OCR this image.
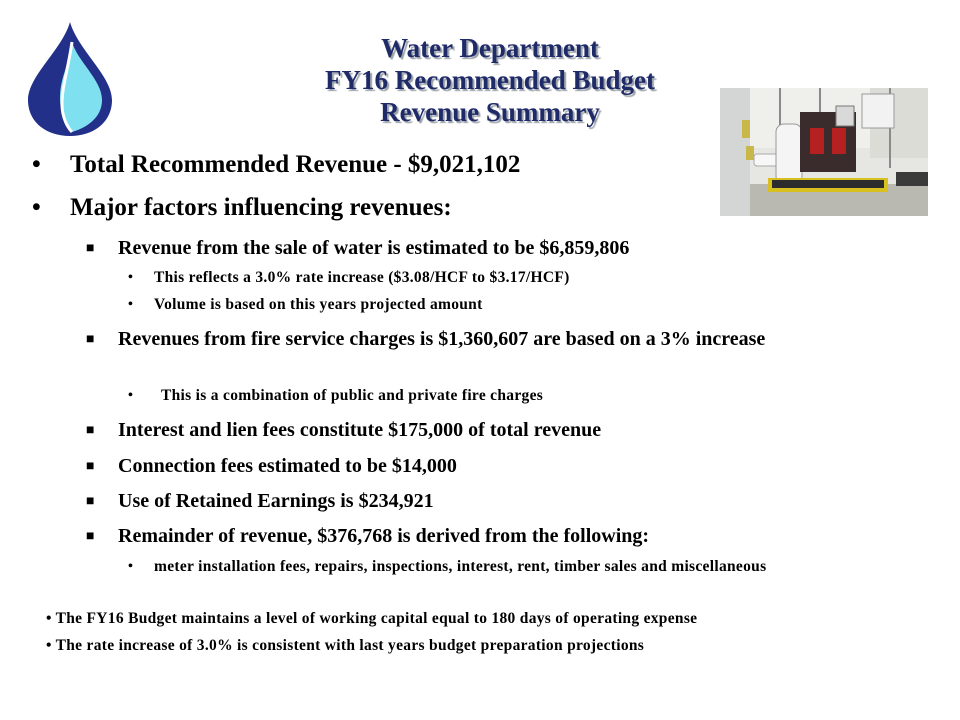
Water Department
FY16 Recommended Budget
Revenue Summary
• Total Recommended Revenue - $9,021,102
• Major factors influencing revenues:
■ Revenue from the sale of water is estimated to be $6,859,806
• This reflects a 3.0% rate increase ($3.08/HCF to $3.17/HCF)
• Volume is based on this years projected amount
■ Revenues from fire service charges is $1,360,607 are based on a 3% increase
• This is a combination of public and private fire charges
■ Interest and lien fees constitute $175,000 of total revenue
■ Connection fees estimated to be $14,000
■ Use of Retained Earnings is $234,921
■ Remainder of revenue, $376,768 is derived from the following:
• meter installation fees, repairs, inspections, interest, rent, timber sales and miscellaneous
• The FY16 Budget maintains a level of working capital equal to 180 days of operating expense
• The rate increase of 3.0% is consistent with last years budget preparation projections
